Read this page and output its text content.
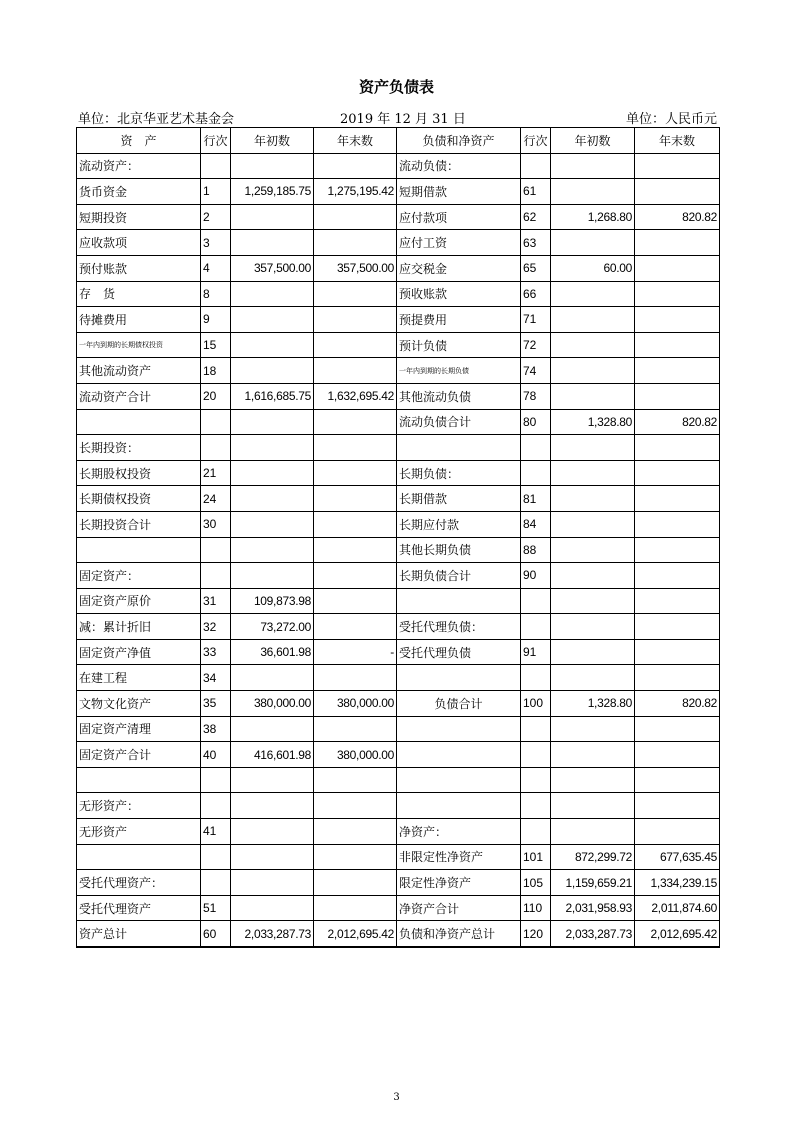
资产负债表
单位：北京华亚艺术基金会	2019 年 12 月 31 日	单位：人民币元
资　产	行次	年初数	年末数	负债和净资产	行次	年初数	年末数
流动资产：				流动负债：			
货币资金	1	1,259,185.75	1,275,195.42	短期借款	61		
短期投资	2			应付款项	62	1,268.80	820.82
应收款项	3			应付工资	63		
预付账款	4	357,500.00	357,500.00	应交税金	65	60.00	
存　货	8			预收账款	66		
待摊费用	9			预提费用	71		
一年内到期的长期债权投资	15			预计负债	72		
其他流动资产	18			一年内到期的长期负债	74		
流动资产合计	20	1,616,685.75	1,632,695.42	其他流动负债	78		
				流动负债合计	80	1,328.80	820.82
长期投资：							
长期股权投资	21			长期负债：			
长期债权投资	24			长期借款	81		
长期投资合计	30			长期应付款	84		
				其他长期负债	88		
固定资产：				长期负债合计	90		
固定资产原价	31	109,873.98					
减：累计折旧	32	73,272.00		受托代理负债：			
固定资产净值	33	36,601.98	-	受托代理负债	91		
在建工程	34						
文物文化资产	35	380,000.00	380,000.00	负债合计	100	1,328.80	820.82
固定资产清理	38						
固定资产合计	40	416,601.98	380,000.00				

无形资产：							
无形资产	41			净资产：			
				非限定性净资产	101	872,299.72	677,635.45
受托代理资产：				限定性净资产	105	1,159,659.21	1,334,239.15
受托代理资产	51			净资产合计	110	2,031,958.93	2,011,874.60
资产总计	60	2,033,287.73	2,012,695.42	负债和净资产总计	120	2,033,287.73	2,012,695.42
3
